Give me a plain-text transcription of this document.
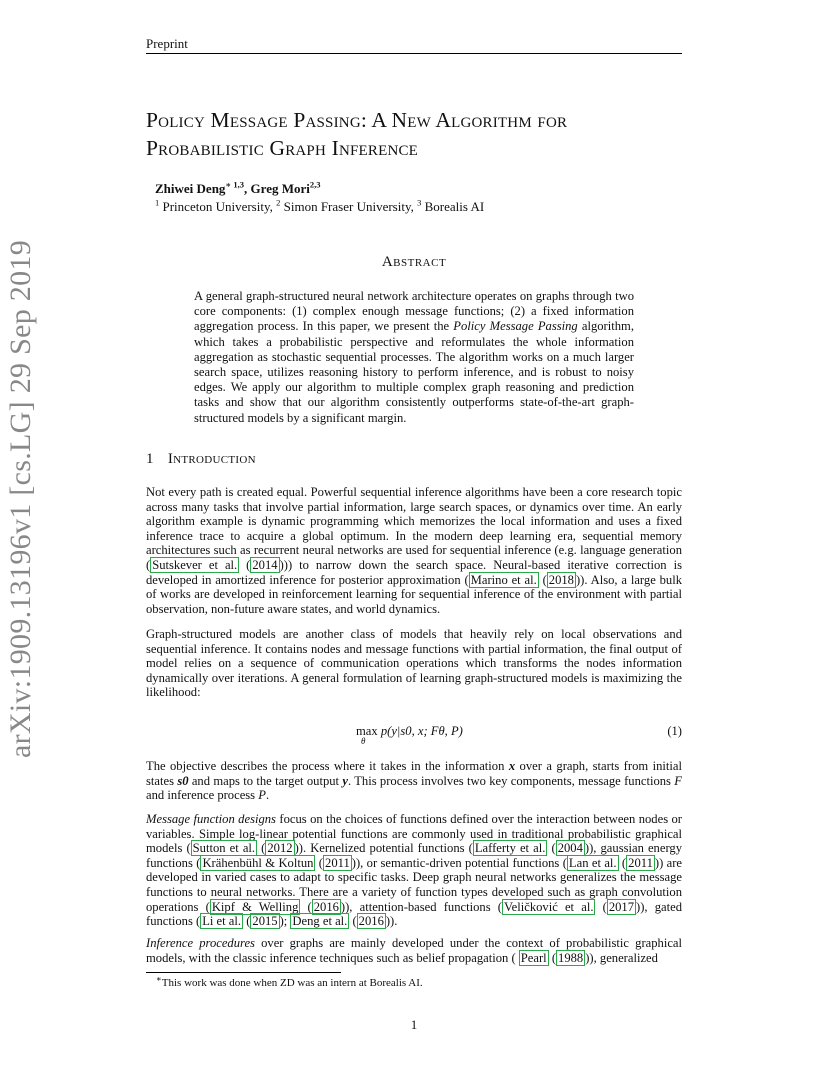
Preprint
Policy Message Passing: A New Algorithm for
Probabilistic Graph Inference
Zhiwei Deng$^{∗ 1,3}$, Greg Mori$^{2,3}$
$^1$ Princeton University, $^2$ Simon Fraser University, $^3$ Borealis AI
Abstract
A general graph-structured neural network architecture operates on graphs through two core components: (1) complex enough message functions; (2) a fixed information aggregation process. In this paper, we present the Policy Message Passing algorithm, which takes a probabilistic perspective and reformulates the whole information aggregation as stochastic sequential processes. The algorithm works on a much larger search space, utilizes reasoning history to perform inference, and is robust to noisy edges. We apply our algorithm to multiple complex graph reasoning and prediction tasks and show that our algorithm consistently outperforms state-of-the-art graph-structured models by a significant margin.
1 Introduction
Not every path is created equal. Powerful sequential inference algorithms have been a core research topic across many tasks that involve partial information, large search spaces, or dynamics over time. An early algorithm example is dynamic programming which memorizes the local information and uses a fixed inference trace to acquire a global optimum. In the modern deep learning era, sequential memory architectures such as recurrent neural networks are used for sequential inference (e.g. language generation ( Sutskever et al. ( 2014 ))) to narrow down the search space. Neural-based iterative correction is developed in amortized inference for posterior approximation ( Marino et al. ( 2018 )). Also, a large bulk of works are developed in reinforcement learning for sequential inference of the environment with partial observation, non-future aware states, and world dynamics.
Graph-structured models are another class of models that heavily rely on local observations and sequential inference. It contains nodes and message functions with partial information, the final output of model relies on a sequence of communication operations which transforms the nodes information dynamically over iterations. A general formulation of learning graph-structured models is maximizing the likelihood:
max p(y|s0, x; Fθ, P)
θ
(1)
The objective describes the process where it takes in the information x over a graph, starts from initial states s0 and maps to the target output y. This process involves two key components, message functions F and inference process P.
Message function designs focus on the choices of functions defined over the interaction between nodes or variables. Simple log-linear potential functions are commonly used in traditional probabilistic graphical models ( Sutton et al. ( 2012 )). Kernelized potential functions ( Lafferty et al. ( 2004 )), gaussian energy functions ( Krähenbühl & Koltun ( 2011 )), or semantic-driven potential functions ( Lan et al. ( 2011 )) are developed in varied cases to adapt to specific tasks. Deep graph neural networks generalizes the message functions to neural networks. There are a variety of function types developed such as graph convolution operations ( Kipf & Welling ( 2016 )), attention-based functions ( Veličković et al. ( 2017 )), gated functions ( Li et al. ( 2015 ); Deng et al. ( 2016 )).
Inference procedures over graphs are mainly developed under the context of probabilistic graphical models, with the classic inference techniques such as belief propagation ( Pearl ( 1988 )), generalized
∗This work was done when ZD was an intern at Borealis AI.
1
arXiv:1909.13196v1 [cs.LG] 29 Sep 2019
